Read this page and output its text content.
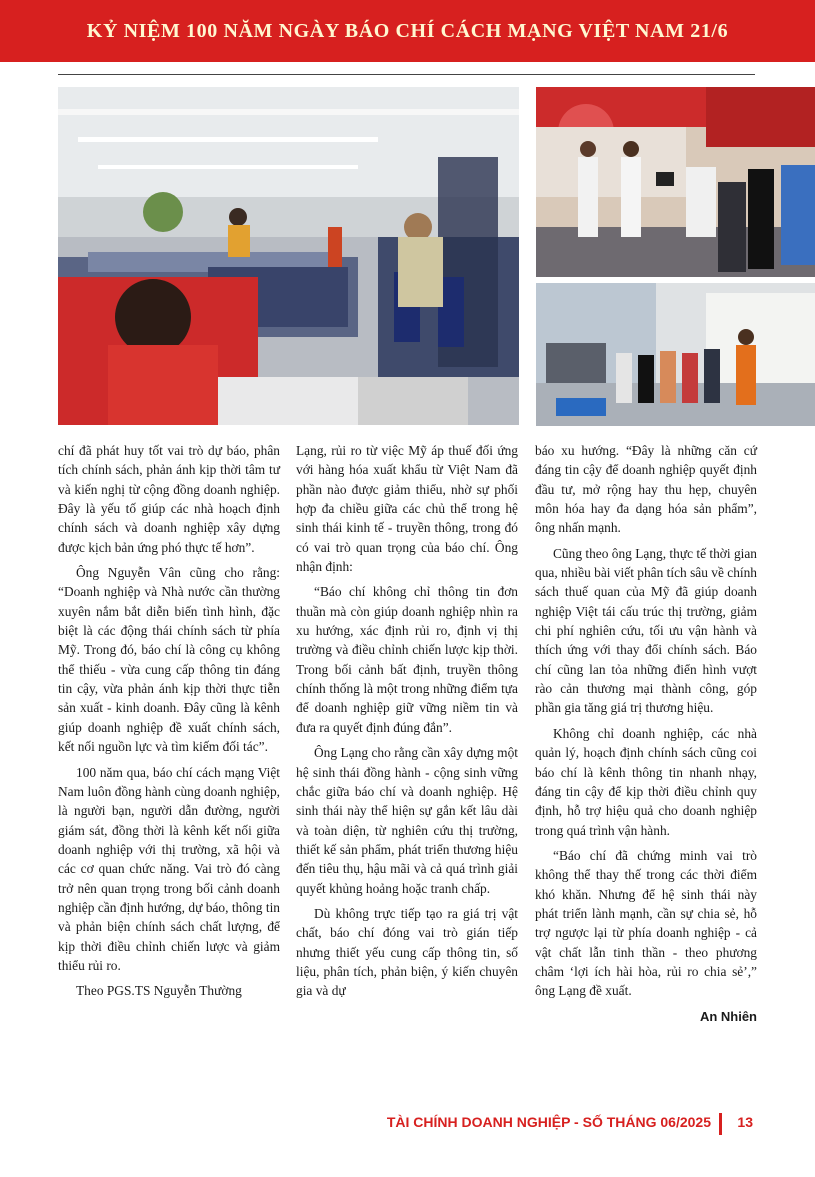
KỶ NIỆM 100 NĂM NGÀY BÁO CHÍ CÁCH MẠNG VIỆT NAM 21/6

chí đã phát huy tốt vai trò dự báo, phân tích chính sách, phản ánh kịp thời tâm tư và kiến nghị từ cộng đồng doanh nghiệp. Đây là yếu tố giúp các nhà hoạch định chính sách và doanh nghiệp xây dựng được kịch bản ứng phó thực tế hơn”.

Ông Nguyễn Vân cũng cho rằng: “Doanh nghiệp và Nhà nước cần thường xuyên nắm bắt diễn biến tình hình, đặc biệt là các động thái chính sách từ phía Mỹ. Trong đó, báo chí là công cụ không thể thiếu - vừa cung cấp thông tin đáng tin cậy, vừa phản ánh kịp thời thực tiễn sản xuất - kinh doanh. Đây cũng là kênh giúp doanh nghiệp đề xuất chính sách, kết nối nguồn lực và tìm kiếm đối tác”.

100 năm qua, báo chí cách mạng Việt Nam luôn đồng hành cùng doanh nghiệp, là người bạn, người dẫn đường, người giám sát, đồng thời là kênh kết nối giữa doanh nghiệp với thị trường, xã hội và các cơ quan chức năng. Vai trò đó càng trở nên quan trọng trong bối cảnh doanh nghiệp cần định hướng, dự báo, thông tin và phản biện chính sách chất lượng, để kịp thời điều chỉnh chiến lược và giảm thiểu rủi ro.

Theo PGS.TS Nguyễn Thường

Lạng, rủi ro từ việc Mỹ áp thuế đối ứng với hàng hóa xuất khẩu từ Việt Nam đã phần nào được giảm thiểu, nhờ sự phối hợp đa chiều giữa các chủ thể trong hệ sinh thái kinh tế - truyền thông, trong đó có vai trò quan trọng của báo chí. Ông nhận định:

“Báo chí không chỉ thông tin đơn thuần mà còn giúp doanh nghiệp nhìn ra xu hướng, xác định rủi ro, định vị thị trường và điều chỉnh chiến lược kịp thời. Trong bối cảnh bất định, truyền thông chính thống là một trong những điểm tựa để doanh nghiệp giữ vững niềm tin và đưa ra quyết định đúng đắn”.

Ông Lạng cho rằng cần xây dựng một hệ sinh thái đồng hành - cộng sinh vững chắc giữa báo chí và doanh nghiệp. Hệ sinh thái này thể hiện sự gắn kết lâu dài và toàn diện, từ nghiên cứu thị trường, thiết kế sản phẩm, phát triển thương hiệu đến tiêu thụ, hậu mãi và cả quá trình giải quyết khủng hoảng hoặc tranh chấp.

Dù không trực tiếp tạo ra giá trị vật chất, báo chí đóng vai trò gián tiếp nhưng thiết yếu cung cấp thông tin, số liệu, phân tích, phản biện, ý kiến chuyên gia và dự

báo xu hướng. “Đây là những căn cứ đáng tin cậy để doanh nghiệp quyết định đầu tư, mở rộng hay thu hẹp, chuyên môn hóa hay đa dạng hóa sản phẩm”, ông nhấn mạnh.

Cũng theo ông Lạng, thực tế thời gian qua, nhiều bài viết phân tích sâu về chính sách thuế quan của Mỹ đã giúp doanh nghiệp Việt tái cấu trúc thị trường, giảm chi phí nghiên cứu, tối ưu vận hành và thích ứng với thay đổi chính sách. Báo chí cũng lan tỏa những điển hình vượt rào cản thương mại thành công, góp phần gia tăng giá trị thương hiệu.

Không chỉ doanh nghiệp, các nhà quản lý, hoạch định chính sách cũng coi báo chí là kênh thông tin nhanh nhạy, đáng tin cậy để kịp thời điều chỉnh quy định, hỗ trợ hiệu quả cho doanh nghiệp trong quá trình vận hành.

“Báo chí đã chứng minh vai trò không thể thay thế trong các thời điểm khó khăn. Nhưng để hệ sinh thái này phát triển lành mạnh, cần sự chia sẻ, hỗ trợ ngược lại từ phía doanh nghiệp - cả vật chất lẫn tinh thần - theo phương châm ‘lợi ích hài hòa, rủi ro chia sẻ’,” ông Lạng đề xuất.

An Nhiên
TÀI CHÍNH DOANH NGHIỆP - SỐ THÁNG 06/2025 13
